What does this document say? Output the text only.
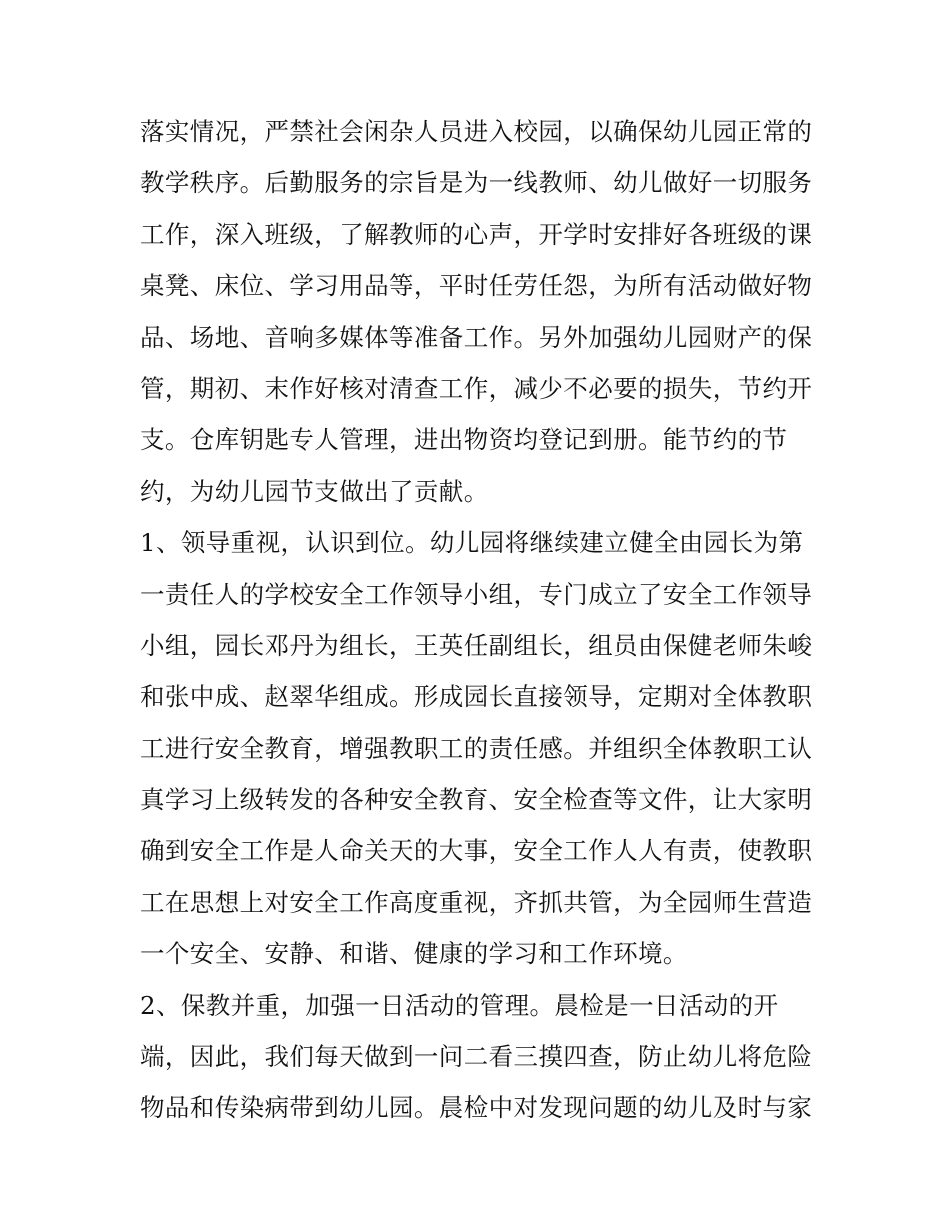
落实情况，严禁社会闲杂人员进入校园，以确保幼儿园正常的
教学秩序。后勤服务的宗旨是为一线教师、幼儿做好一切服务
工作，深入班级，了解教师的心声，开学时安排好各班级的课
桌凳、床位、学习用品等，平时任劳任怨，为所有活动做好物
品、场地、音响多媒体等准备工作。另外加强幼儿园财产的保
管，期初、末作好核对清查工作，减少不必要的损失，节约开
支。仓库钥匙专人管理，进出物资均登记到册。能节约的节
约，为幼儿园节支做出了贡献。
1、领导重视，认识到位。幼儿园将继续建立健全由园长为第
一责任人的学校安全工作领导小组，专门成立了安全工作领导
小组，园长邓丹为组长，王英任副组长，组员由保健老师朱峻
和张中成、赵翠华组成。形成园长直接领导，定期对全体教职
工进行安全教育，增强教职工的责任感。并组织全体教职工认
真学习上级转发的各种安全教育、安全检查等文件，让大家明
确到安全工作是人命关天的大事，安全工作人人有责，使教职
工在思想上对安全工作高度重视，齐抓共管，为全园师生营造
一个安全、安静、和谐、健康的学习和工作环境。
2、保教并重，加强一日活动的管理。晨检是一日活动的开
端，因此，我们每天做到一问二看三摸四查，防止幼儿将危险
物品和传染病带到幼儿园。晨检中对发现问题的幼儿及时与家
